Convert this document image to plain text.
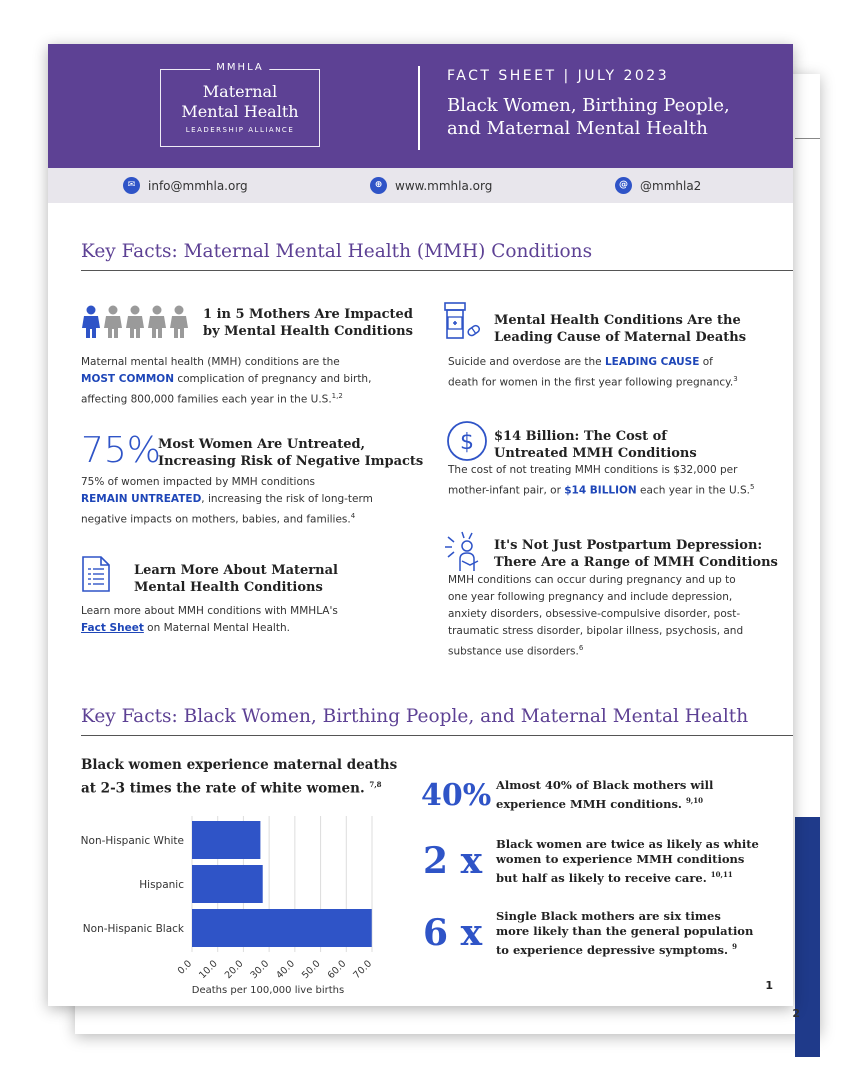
2
MMHLA
Maternal
Mental Health
LEADERSHIP ALLIANCE
FACT SHEET | JULY 2023
Black Women, Birthing People,
and Maternal Mental Health
✉	info@mmhla.org	⊕	www.mmhla.org	@	@mmhla2
Key Facts: Maternal Mental Health (MMH) Conditions
1 in 5 Mothers Are Impacted
by Mental Health Conditions
Maternal mental health (MMH) conditions are the
MOST COMMON complication of pregnancy and birth,
affecting 800,000 families each year in the U.S.$^{1,2}$
75%
Most Women Are Untreated,
Increasing Risk of Negative Impacts
75% of women impacted by MMH conditions
REMAIN UNTREATED, increasing the risk of long-term
negative impacts on mothers, babies, and families.$^4$
Learn More About Maternal
Mental Health Conditions
Learn more about MMH conditions with MMHLA's
Fact Sheet on Maternal Mental Health.
Mental Health Conditions Are the
Leading Cause of Maternal Deaths
Suicide and overdose are the LEADING CAUSE of
death for women in the first year following pregnancy.$^3$
$ $14 Billion: The Cost of
Untreated MMH Conditions
The cost of not treating MMH conditions is $32,000 per
mother-infant pair, or $14 BILLION each year in the U.S.$^5$
It's Not Just Postpartum Depression:
There Are a Range of MMH Conditions
MMH conditions can occur during pregnancy and up to
one year following pregnancy and include depression,
anxiety disorders, obsessive-compulsive disorder, post-
traumatic stress disorder, bipolar illness, psychosis, and
substance use disorders.$^6$
Key Facts: Black Women, Birthing People, and Maternal Mental Health
Black women experience maternal deaths
at 2-3 times the rate of white women. $^{7,8}$
0.0 10.0 20.0 30.0 40.0 50.0 60.0 70.0
Non-Hispanic White
Hispanic
Non-Hispanic Black
Deaths per 100,000 live births
40% Almost 40% of Black mothers will
experience MMH conditions. $^{9,10}$
2 x Black women are twice as likely as white
women to experience MMH conditions
but half as likely to receive care. $^{10,11}$
6 x Single Black mothers are six times
more likely than the general population
to experience depressive symptoms. $^9$
1
